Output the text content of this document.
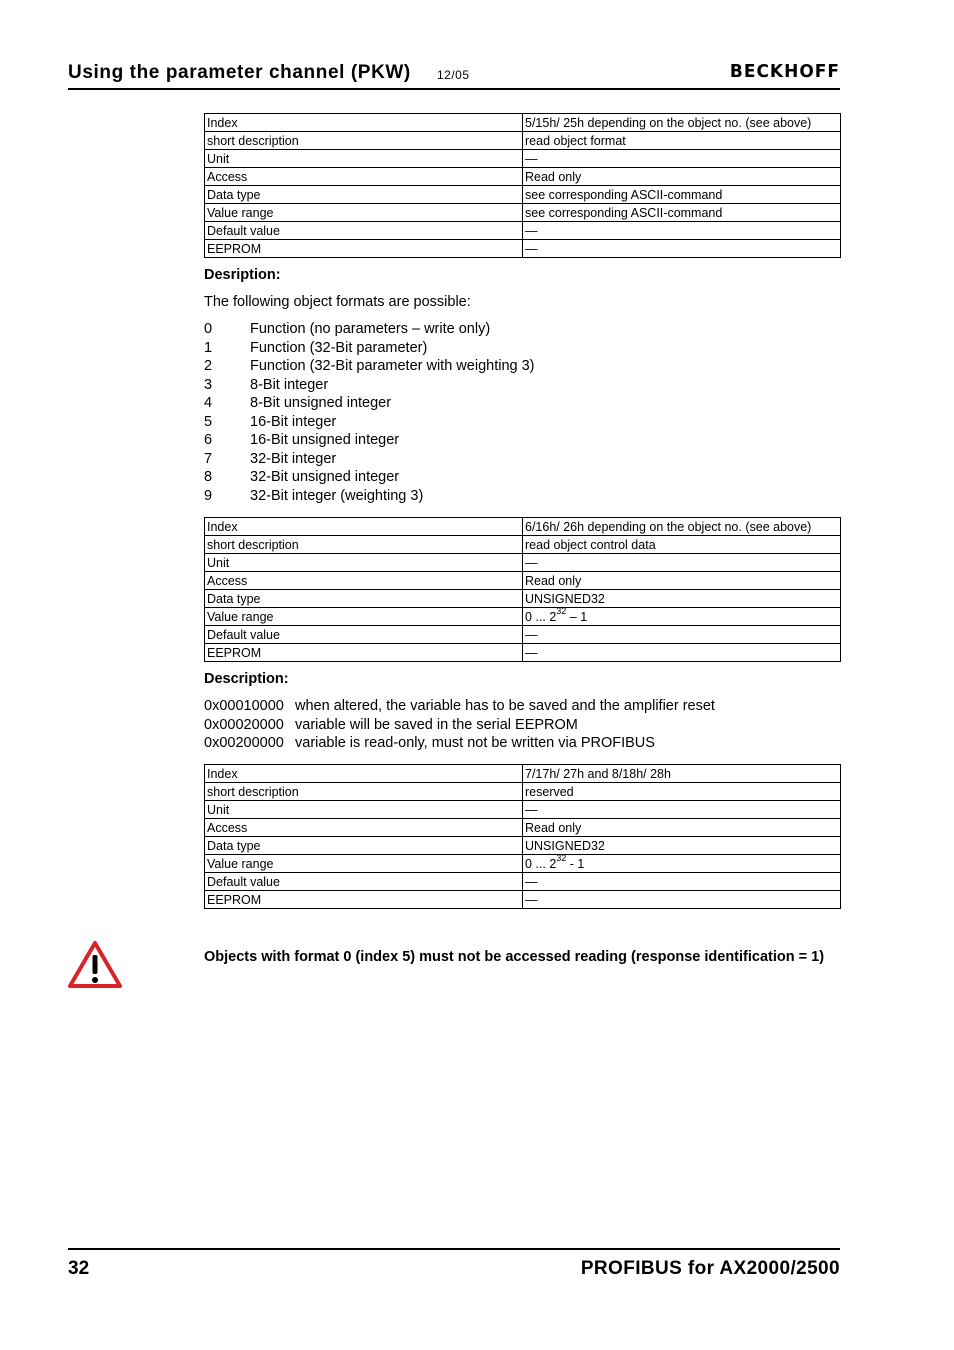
Using the parameter channel (PKW) 12/05	BECKHOFF
Index	5/15h/ 25h depending on the object no. (see above)
short description	read object format
Unit	—
Access	Read only
Data type	see corresponding ASCII-command
Value range	see corresponding ASCII-command
Default value	—
EEPROM	—
Desription:
The following object formats are possible:
0	Function (no parameters – write only)
1	Function (32-Bit parameter)
2	Function (32-Bit parameter with weighting 3)
3	8-Bit integer
4	8-Bit unsigned integer
5	16-Bit integer
6	16-Bit unsigned integer
7	32-Bit integer
8	32-Bit unsigned integer
9	32-Bit integer (weighting 3)
Index	6/16h/ 26h depending on the object no. (see above)
short description	read object control data
Unit	—
Access	Read only
Data type	UNSIGNED32
Value range	0 ... $2^{32} - 1$
Default value	—
EEPROM	—
Description:
0x00010000 when altered, the variable has to be saved and the amplifier reset
0x00020000 variable will be saved in the serial EEPROM
0x00200000 variable is read-only, must not be written via PROFIBUS
Index	7/17h/ 27h and 8/18h/ 28h
short description	reserved
Unit	—
Access	Read only
Data type	UNSIGNED32
Value range	0 ... $2^{32} - 1$
Default value	—
EEPROM	—
Objects with format 0 (index 5) must not be accessed reading (response identification = 1)
32	PROFIBUS for AX2000/2500
